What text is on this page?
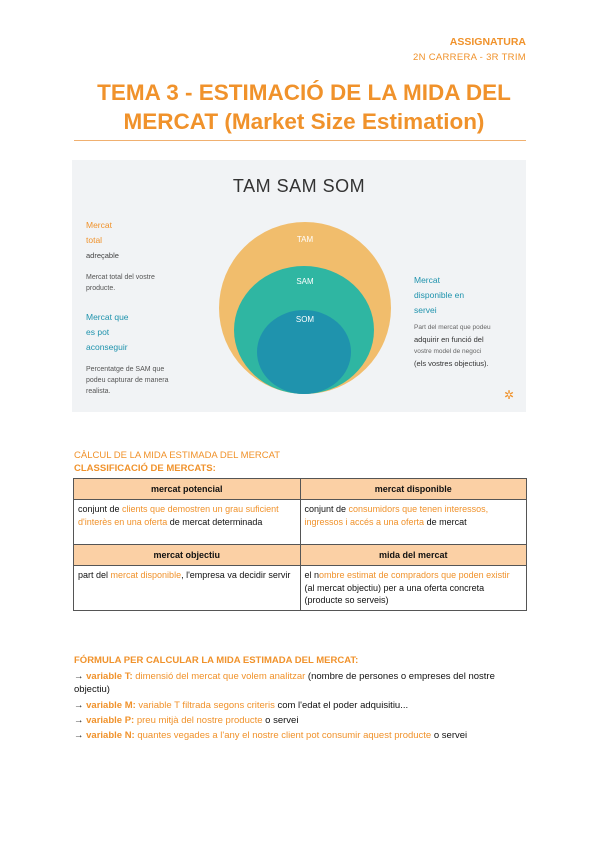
ASSIGNATURA
2N CARRERA - 3R TRIM
TEMA 3 - ESTIMACIÓ DE LA MIDA DEL MERCAT (Market Size Estimation)
TAM SAM SOM
TAM
SAM
SOM
Mercat
total
adreçable
Mercat total del vostre
producte.
Mercat que
es pot
aconseguir
Percentatge de SAM que
podeu capturar de manera
realista.
Mercat
disponible en
servei
Part del mercat que podeu
adquirir en funció del
vostre model de negoci
(els vostres objectius).
✲
CÀLCUL DE LA MIDA ESTIMADA DEL MERCAT
CLASSIFICACIÓ DE MERCATS:
mercat potencial	mercat disponible
conjunt de clients que demostren un grau suficient d'interès en una oferta de mercat determinada	conjunt de consumidors que tenen interessos, ingressos i accés a una oferta de mercat
mercat objectiu	mida del mercat
part del mercat disponible, l'empresa va decidir servir	el nombre estimat de compradors que poden existir (al mercat objectiu) per a una oferta concreta (producte so serveis)
FÓRMULA PER CALCULAR LA MIDA ESTIMADA DEL MERCAT:
→ variable T: dimensió del mercat que volem analitzar (nombre de persones o empreses del nostre objectiu)
→ variable M: variable T filtrada segons criteris com l'edat el poder adquisitiu...
→ variable P: preu mitjà del nostre producte o servei
→ variable N: quantes vegades a l'any el nostre client pot consumir aquest producte o servei
